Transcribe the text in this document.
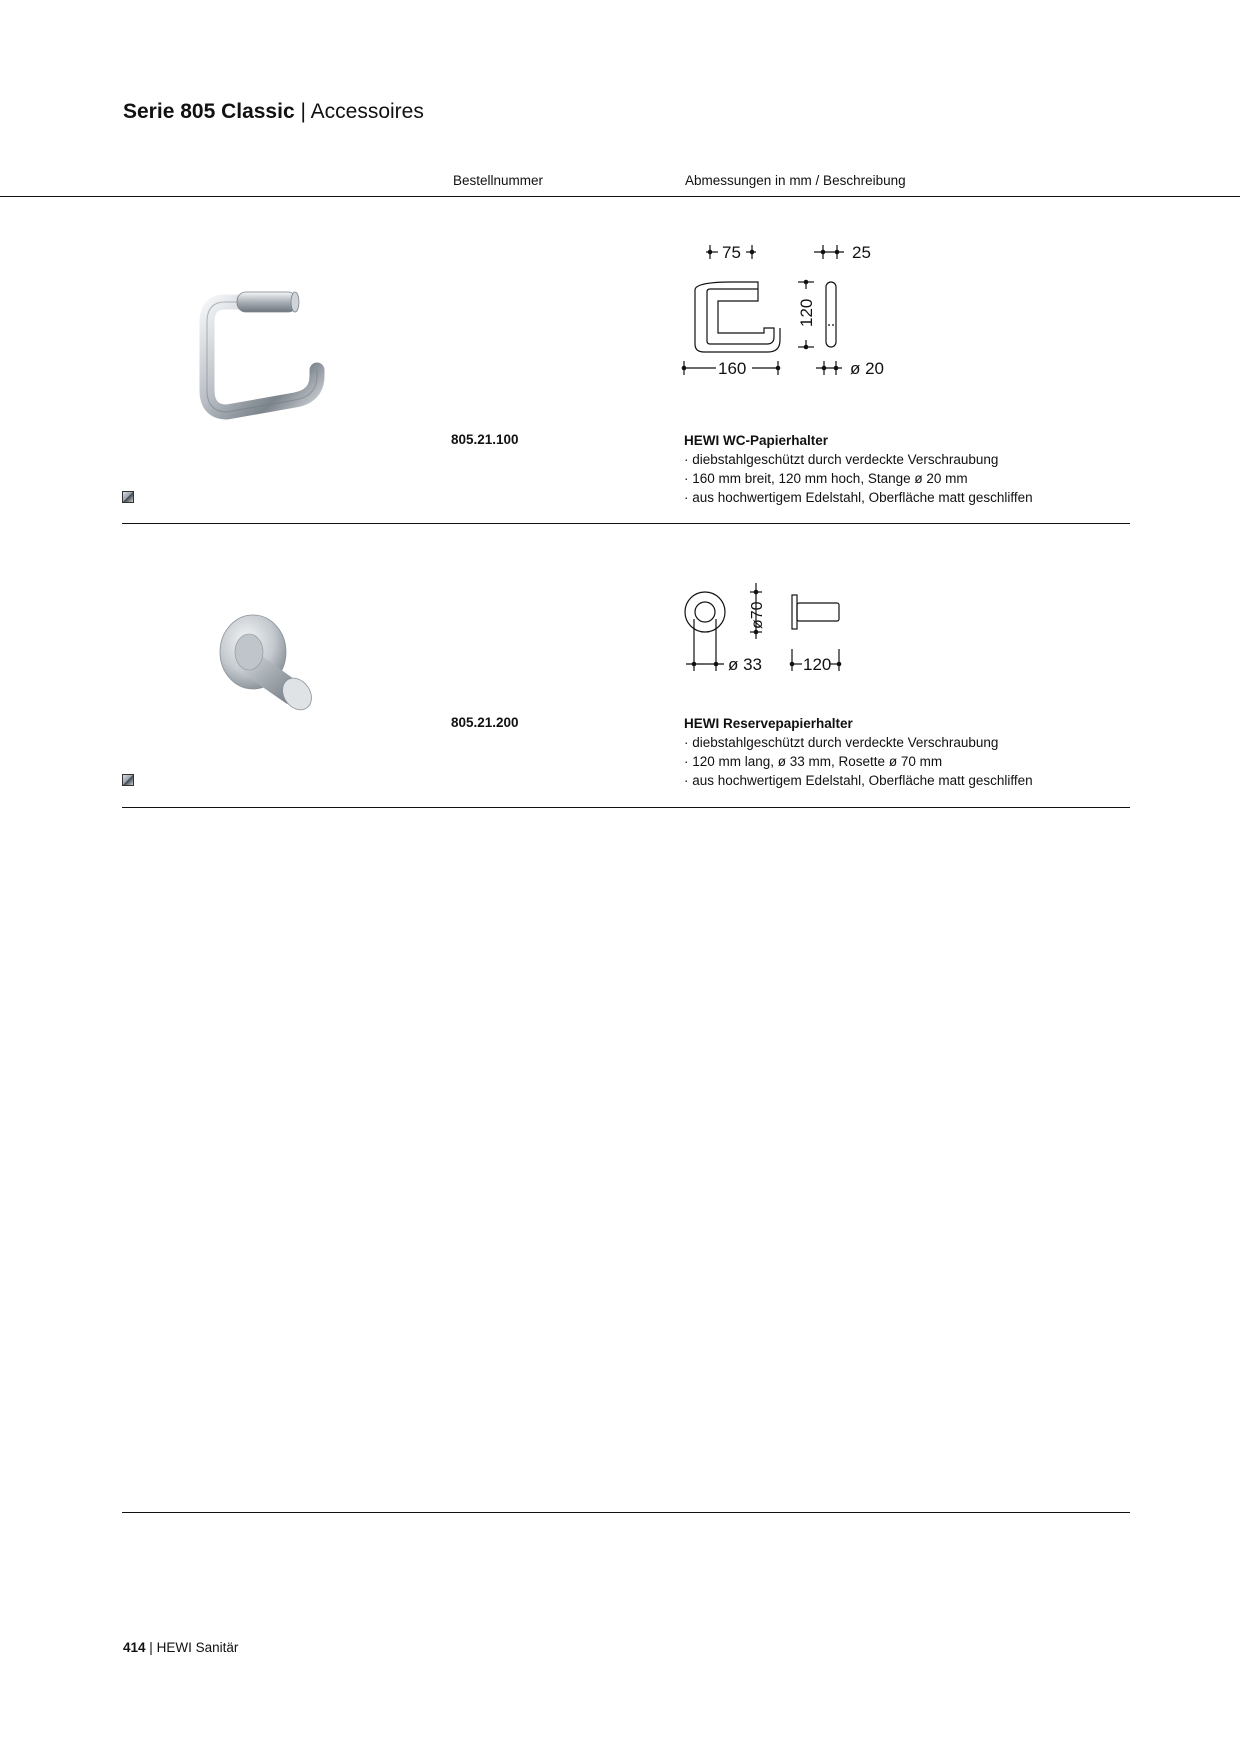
Serie 805 Classic | Accessoires
Bestellnummer	Abmessungen in mm / Beschreibung
75	25
120
160	ø 20
805.21.100	HEWI WC-Papierhalter
· diebstahlgeschützt durch verdeckte Verschraubung
· 160 mm breit, 120 mm hoch, Stange ø 20 mm
· aus hochwertigem Edelstahl, Oberfläche matt geschliffen
ø70
ø 33 120
805.21.200	HEWI Reservepapierhalter
· diebstahlgeschützt durch verdeckte Verschraubung
· 120 mm lang, ø 33 mm, Rosette ø 70 mm
· aus hochwertigem Edelstahl, Oberfläche matt geschliffen
414 | HEWI Sanitär
